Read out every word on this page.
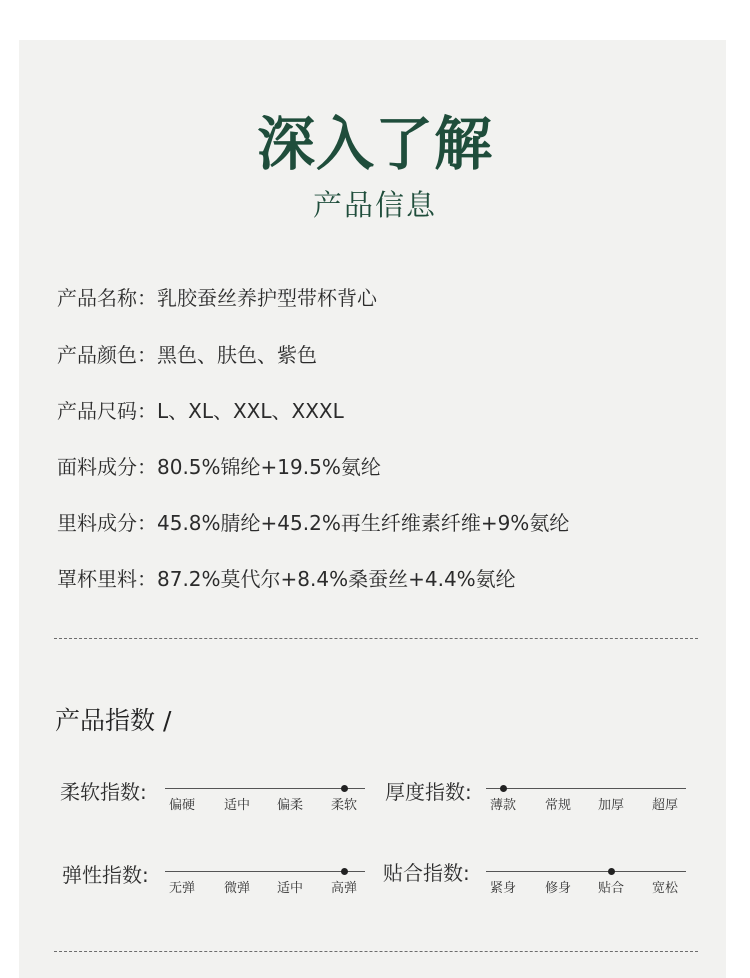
深入了解
产品信息
产品名称：乳胶蚕丝养护型带杯背心
产品颜色：黑色、肤色、紫色
产品尺码：L、XL、XXL、XXXL
面料成分：80.5%锦纶+19.5%氨纶
里料成分：45.8%腈纶+45.2%再生纤维素纤维+9%氨纶
罩杯里料：87.2%莫代尔+8.4%桑蚕丝+4.4%氨纶
产品指数 /
柔软指数:
偏硬	适中	偏柔	柔软
厚度指数:
薄款	常规	加厚	超厚
弹性指数:
无弹	微弹	适中	高弹
贴合指数:
紧身	修身	贴合	宽松
